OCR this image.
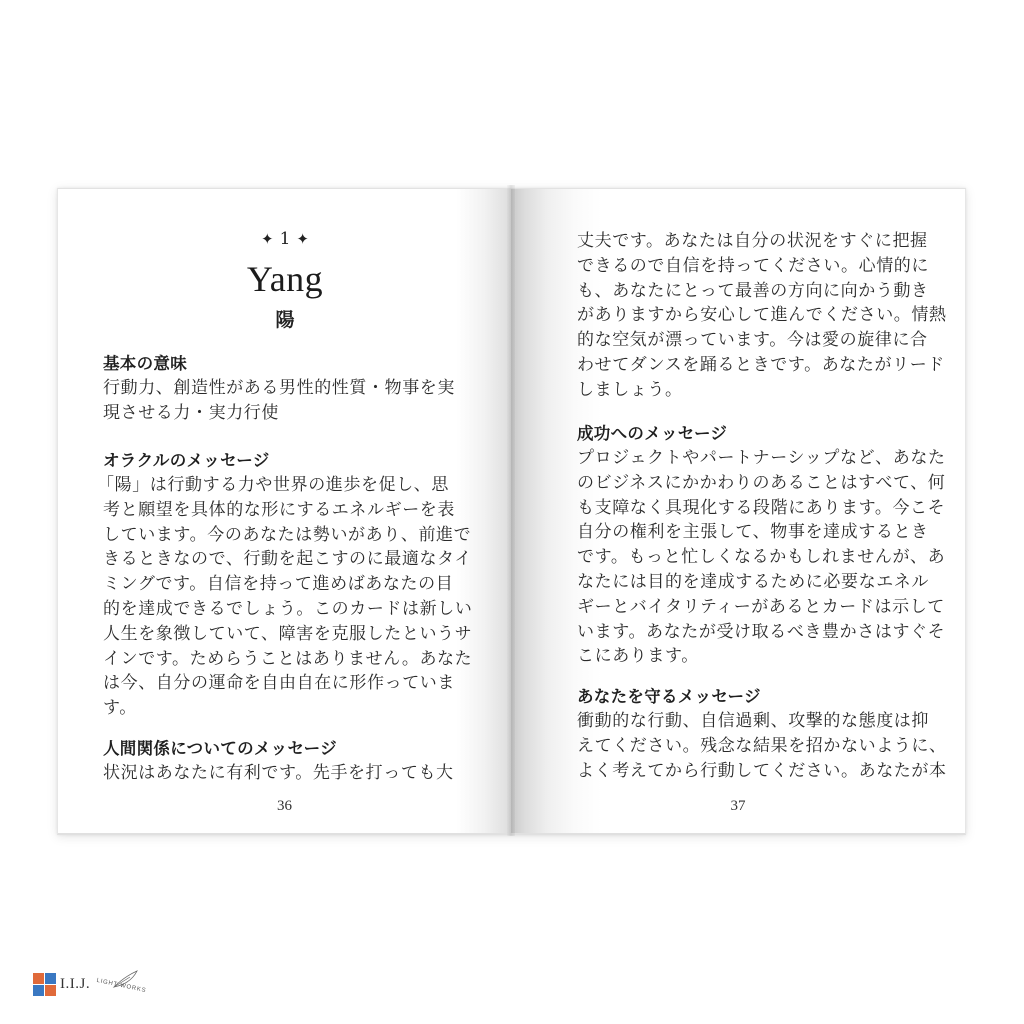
✦ 1 ✦
Yang
陽
基本の意味
行動力、創造性がある男性的性質・物事を実
現させる力・実力行使
オラクルのメッセージ
「陽」は行動する力や世界の進歩を促し、思
考と願望を具体的な形にするエネルギーを表
しています。今のあなたは勢いがあり、前進で
きるときなので、行動を起こすのに最適なタイ
ミングです。自信を持って進めばあなたの目
的を達成できるでしょう。このカードは新しい
人生を象徴していて、障害を克服したというサ
インです。ためらうことはありません。あなた
は今、自分の運命を自由自在に形作っていま
す。
人間関係についてのメッセージ
状況はあなたに有利です。先手を打っても大
36
丈夫です。あなたは自分の状況をすぐに把握
できるので自信を持ってください。心情的に
も、あなたにとって最善の方向に向かう動き
がありますから安心して進んでください。情熱
的な空気が漂っています。今は愛の旋律に合
わせてダンスを踊るときです。あなたがリード
しましょう。
成功へのメッセージ
プロジェクトやパートナーシップなど、あなた
のビジネスにかかわりのあることはすべて、何
も支障なく具現化する段階にあります。今こそ
自分の権利を主張して、物事を達成するとき
です。もっと忙しくなるかもしれませんが、あ
なたには目的を達成するために必要なエネル
ギーとバイタリティーがあるとカードは示して
います。あなたが受け取るべき豊かさはすぐそ
こにあります。
あなたを守るメッセージ
衝動的な行動、自信過剰、攻撃的な態度は抑
えてください。残念な結果を招かないように、
よく考えてから行動してください。あなたが本
37
I.I.J. LIGHT WORKS
